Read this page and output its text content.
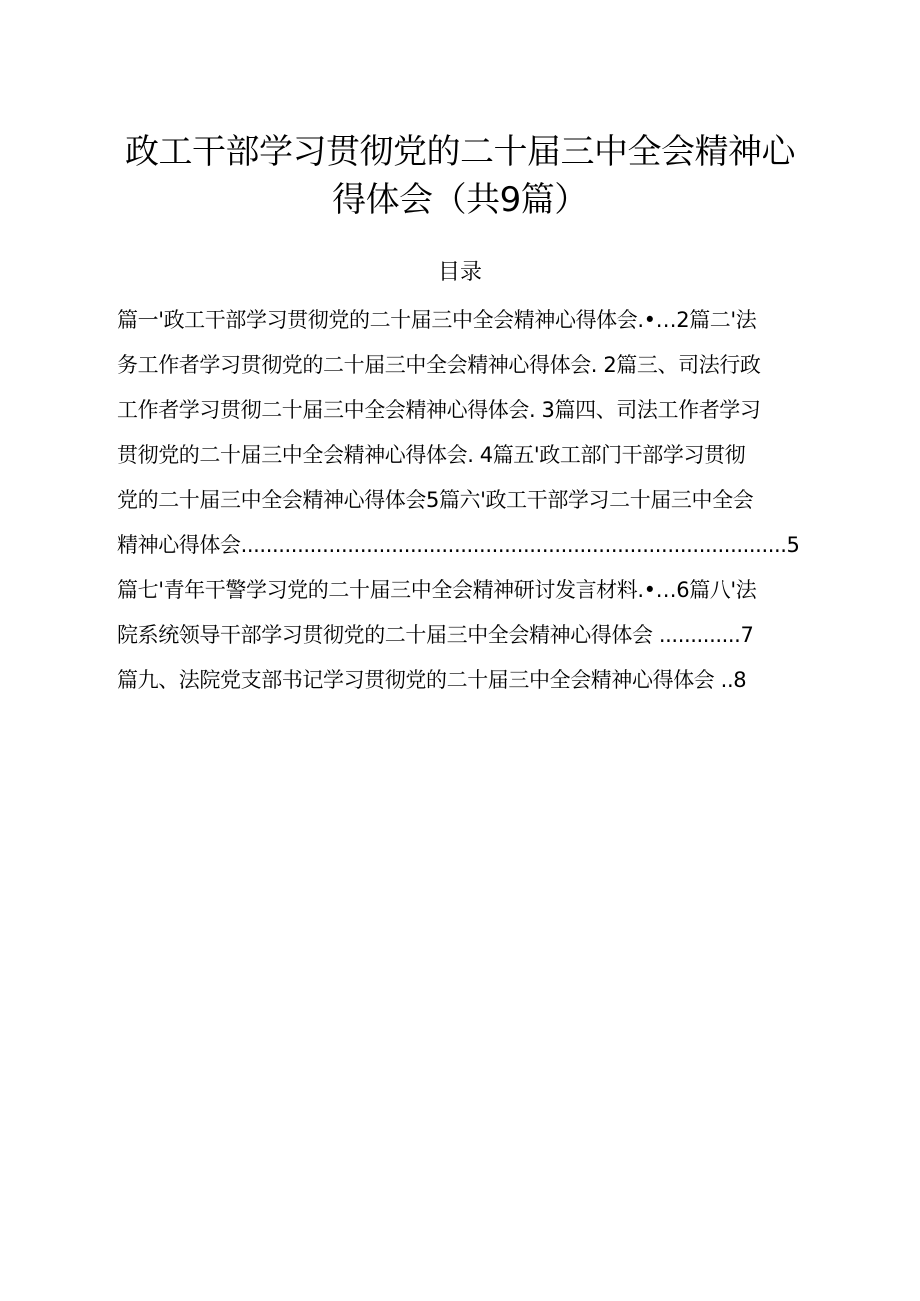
政工干部学习贯彻党的二十届三中全会精神心
得体会（共9篇）
目录
篇一'政工干部学习贯彻党的二十届三中全会精神心得体会.•…2篇二'法
务工作者学习贯彻党的二十届三中全会精神心得体会. 2篇三、司法行政
工作者学习贯彻二十届三中全会精神心得体会. 3篇四、司法工作者学习
贯彻党的二十届三中全会精神心得体会. 4篇五'政工部门干部学习贯彻
党的二十届三中全会精神心得体会5篇六'政工干部学习二十届三中全会
精神心得体会.......................................................................................5
篇七'青年干警学习党的二十届三中全会精神研讨发言材料.•…6篇八'法
院系统领导干部学习贯彻党的二十届三中全会精神心得体会 .............7
篇九、法院党支部书记学习贯彻党的二十届三中全会精神心得体会 ..8
